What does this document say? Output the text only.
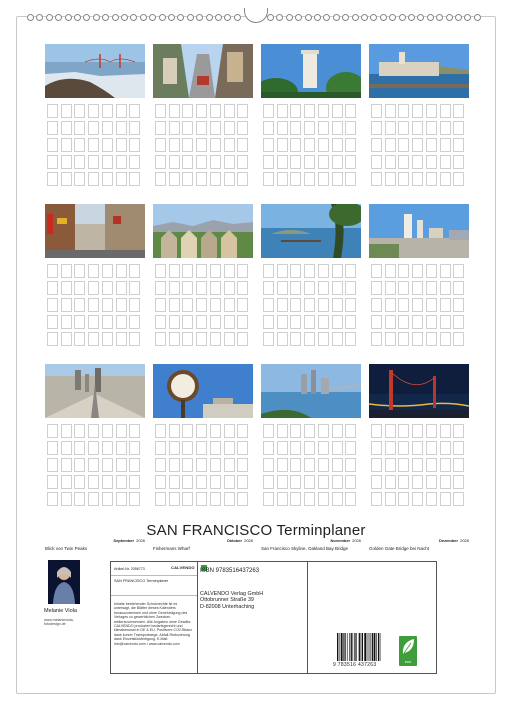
September 2026
Blick von Twin Peaks
Oktober 2026
Fishermans Wharf
November 2026
San Francisco Skyline, Oakland Bay Bridge
Dezember 2026
Golden Gate Bridge bei Nacht
SAN FRANCISCO Terminplaner
Melanie Viola
www.melanieviola-
fotodesign.de
Artikel-Nr. 2056773	CALVENDO
SAN FRANCISCO Terminplaner
Inhalte bestehender Schutzrechte ist es untersagt, die Blätter dieses Kalenders herauszutrennen und ohne Genehmigung des Verlages zu gewerblichen Zwecken weiterzuverwenden. Alle Angaben ohne Gewähr. CALVENDO produziert bedarfsgerecht und klimabewusst in DE & EU. Positivere CO2-Bilanz dank kurzer Transportwege. Abfall-Reduzierung dank Einzelstückfertigung. E-Mail: info@calvendo.com • www.calvendo.com
ISBN 9783516437263
CALVENDO Verlag GmbH
Ottobrunner Straße 39
D-82008 Unterhaching
9 783516 437263
eco
